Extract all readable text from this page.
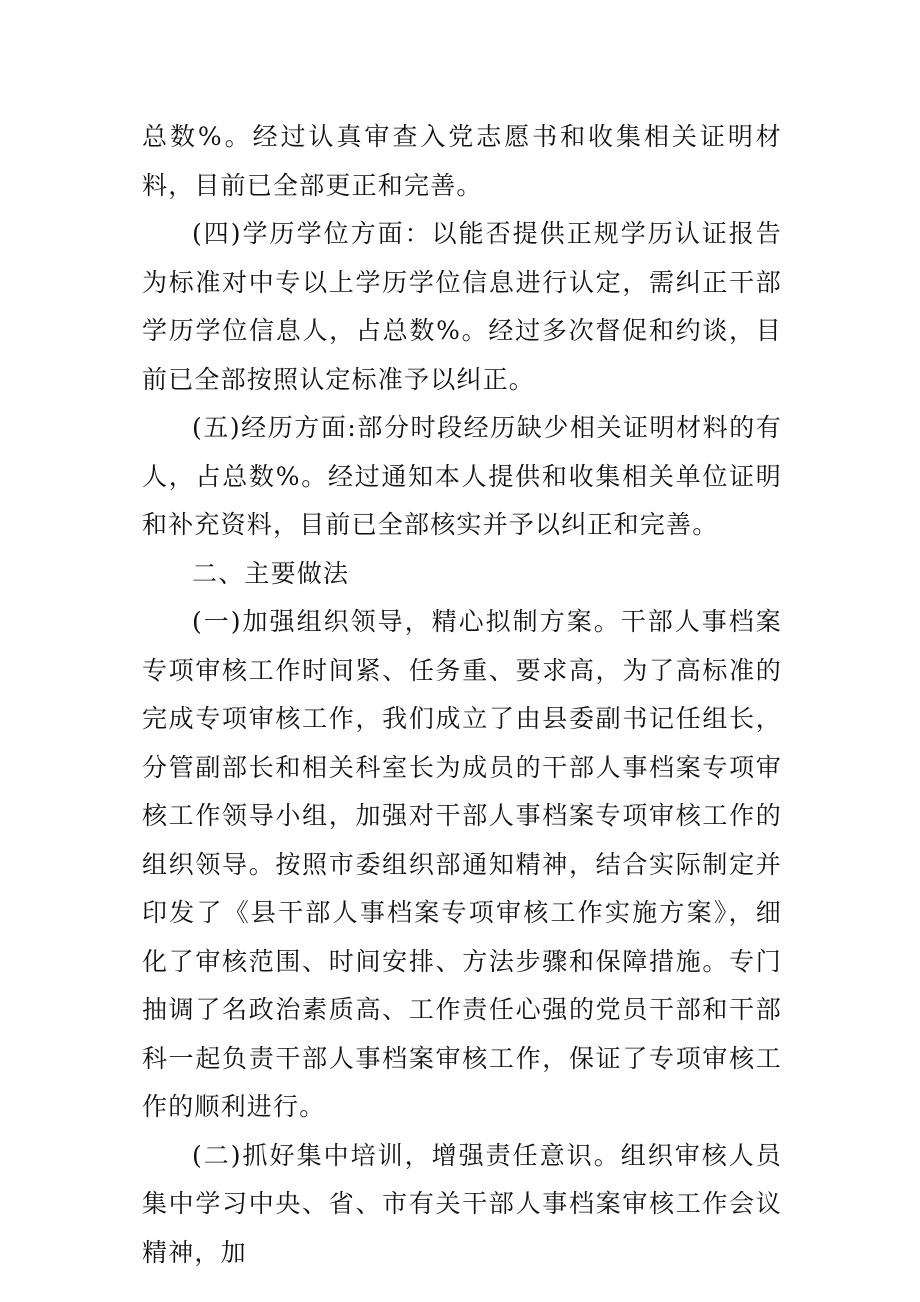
总数%。经过认真审查入党志愿书和收集相关证明材料，目前已全部更正和完善。

(四)学历学位方面：以能否提供正规学历认证报告为标准对中专以上学历学位信息进行认定，需纠正干部学历学位信息人，占总数%。经过多次督促和约谈，目前已全部按照认定标准予以纠正。

(五)经历方面:部分时段经历缺少相关证明材料的有人，占总数%。经过通知本人提供和收集相关单位证明和补充资料，目前已全部核实并予以纠正和完善。

二、主要做法

(一)加强组织领导，精心拟制方案。干部人事档案专项审核工作时间紧、任务重、要求高，为了高标准的完成专项审核工作，我们成立了由县委副书记任组长，分管副部长和相关科室长为成员的干部人事档案专项审核工作领导小组，加强对干部人事档案专项审核工作的组织领导。按照市委组织部通知精神，结合实际制定并印发了《县干部人事档案专项审核工作实施方案》，细化了审核范围、时间安排、方法步骤和保障措施。专门抽调了名政治素质高、工作责任心强的党员干部和干部科一起负责干部人事档案审核工作，保证了专项审核工作的顺利进行。

(二)抓好集中培训，增强责任意识。组织审核人员集中学习中央、省、市有关干部人事档案审核工作会议精神，加
